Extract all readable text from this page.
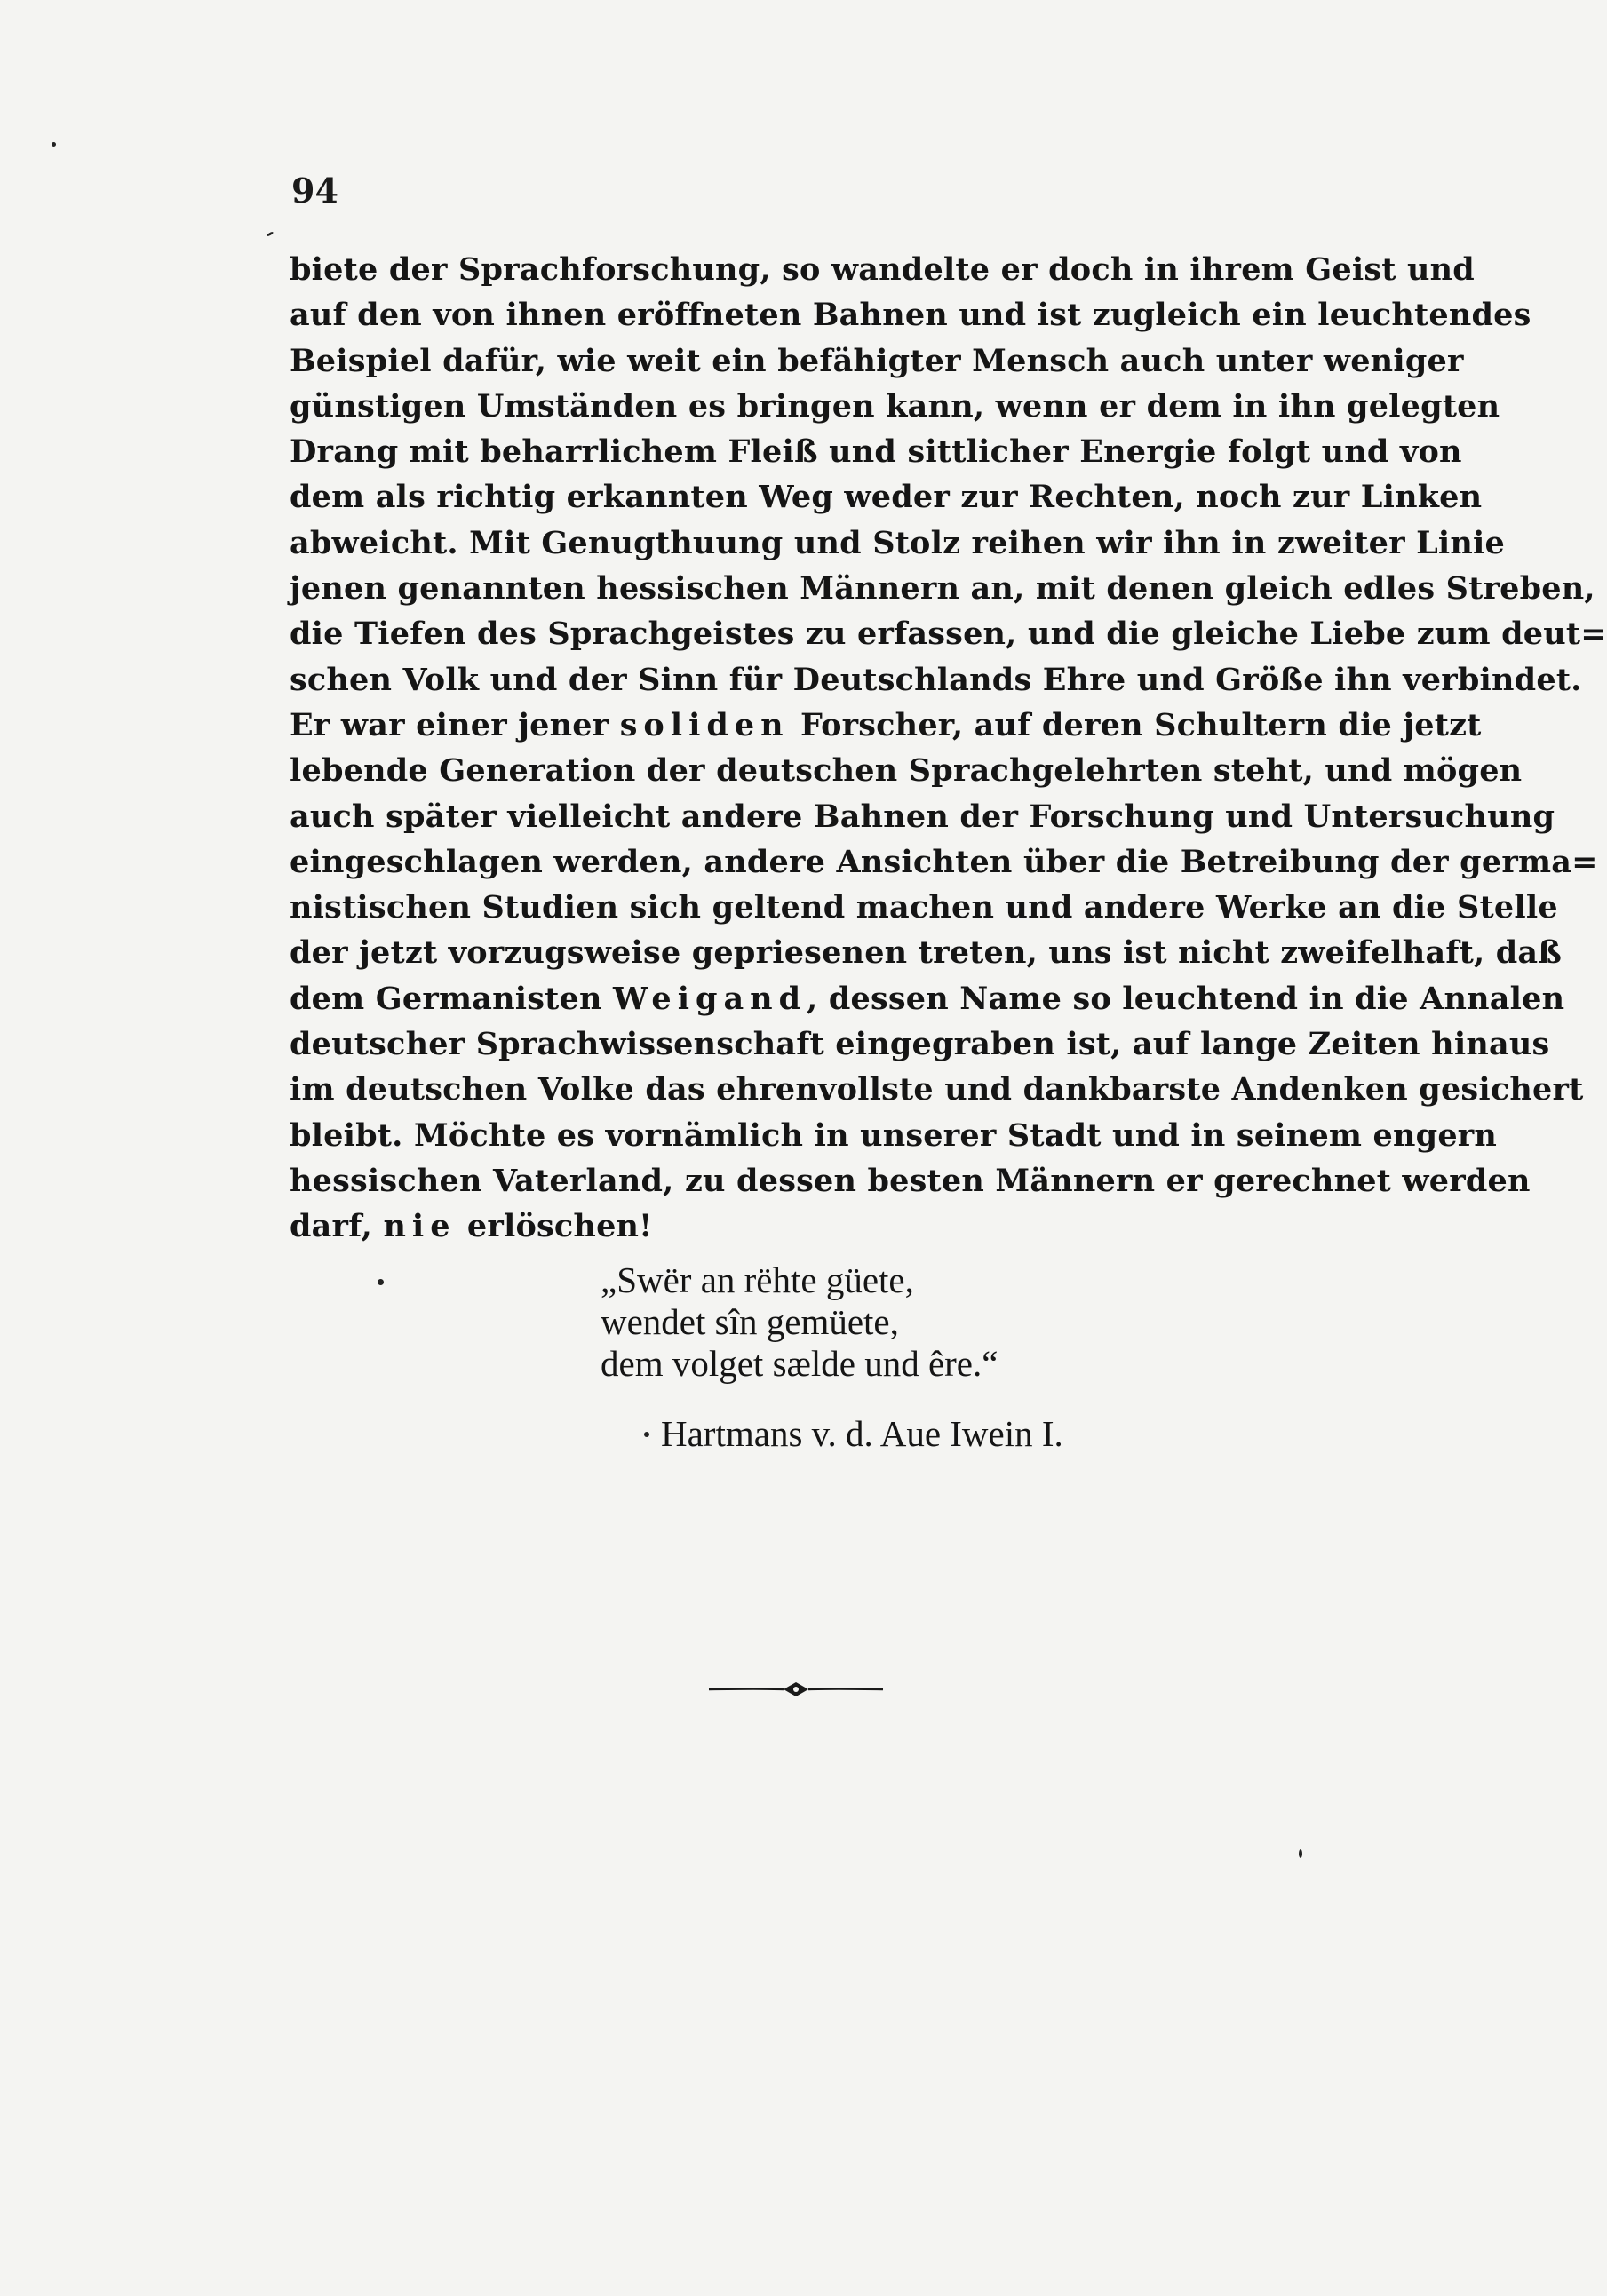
94
biete der Sprachforschung, so wandelte er doch in ihrem Geist und
auf den von ihnen eröffneten Bahnen und ist zugleich ein leuchtendes
Beispiel dafür, wie weit ein befähigter Mensch auch unter weniger
günstigen Umständen es bringen kann, wenn er dem in ihn gelegten
Drang mit beharrlichem Fleiß und sittlicher Energie folgt und von
dem als richtig erkannten Weg weder zur Rechten, noch zur Linken
abweicht. Mit Genugthuung und Stolz reihen wir ihn in zweiter Linie
jenen genannten hessischen Männern an, mit denen gleich edles Streben,
die Tiefen des Sprachgeistes zu erfassen, und die gleiche Liebe zum deut=
schen Volk und der Sinn für Deutschlands Ehre und Größe ihn verbindet.
Er war einer jener soliden Forscher, auf deren Schultern die jetzt
lebende Generation der deutschen Sprachgelehrten steht, und mögen
auch später vielleicht andere Bahnen der Forschung und Untersuchung
eingeschlagen werden, andere Ansichten über die Betreibung der germa=
nistischen Studien sich geltend machen und andere Werke an die Stelle
der jetzt vorzugsweise gepriesenen treten, uns ist nicht zweifelhaft, daß
dem Germanisten Weigand, dessen Name so leuchtend in die Annalen
deutscher Sprachwissenschaft eingegraben ist, auf lange Zeiten hinaus
im deutschen Volke das ehrenvollste und dankbarste Andenken gesichert
bleibt. Möchte es vornämlich in unserer Stadt und in seinem engern
hessischen Vaterland, zu dessen besten Männern er gerechnet werden
darf, nie erlöschen!
„Swër an rëhte güete,
wendet sîn gemüete,
dem volget sælde und êre.“
Hartmans v. d. Aue Iwein I.
